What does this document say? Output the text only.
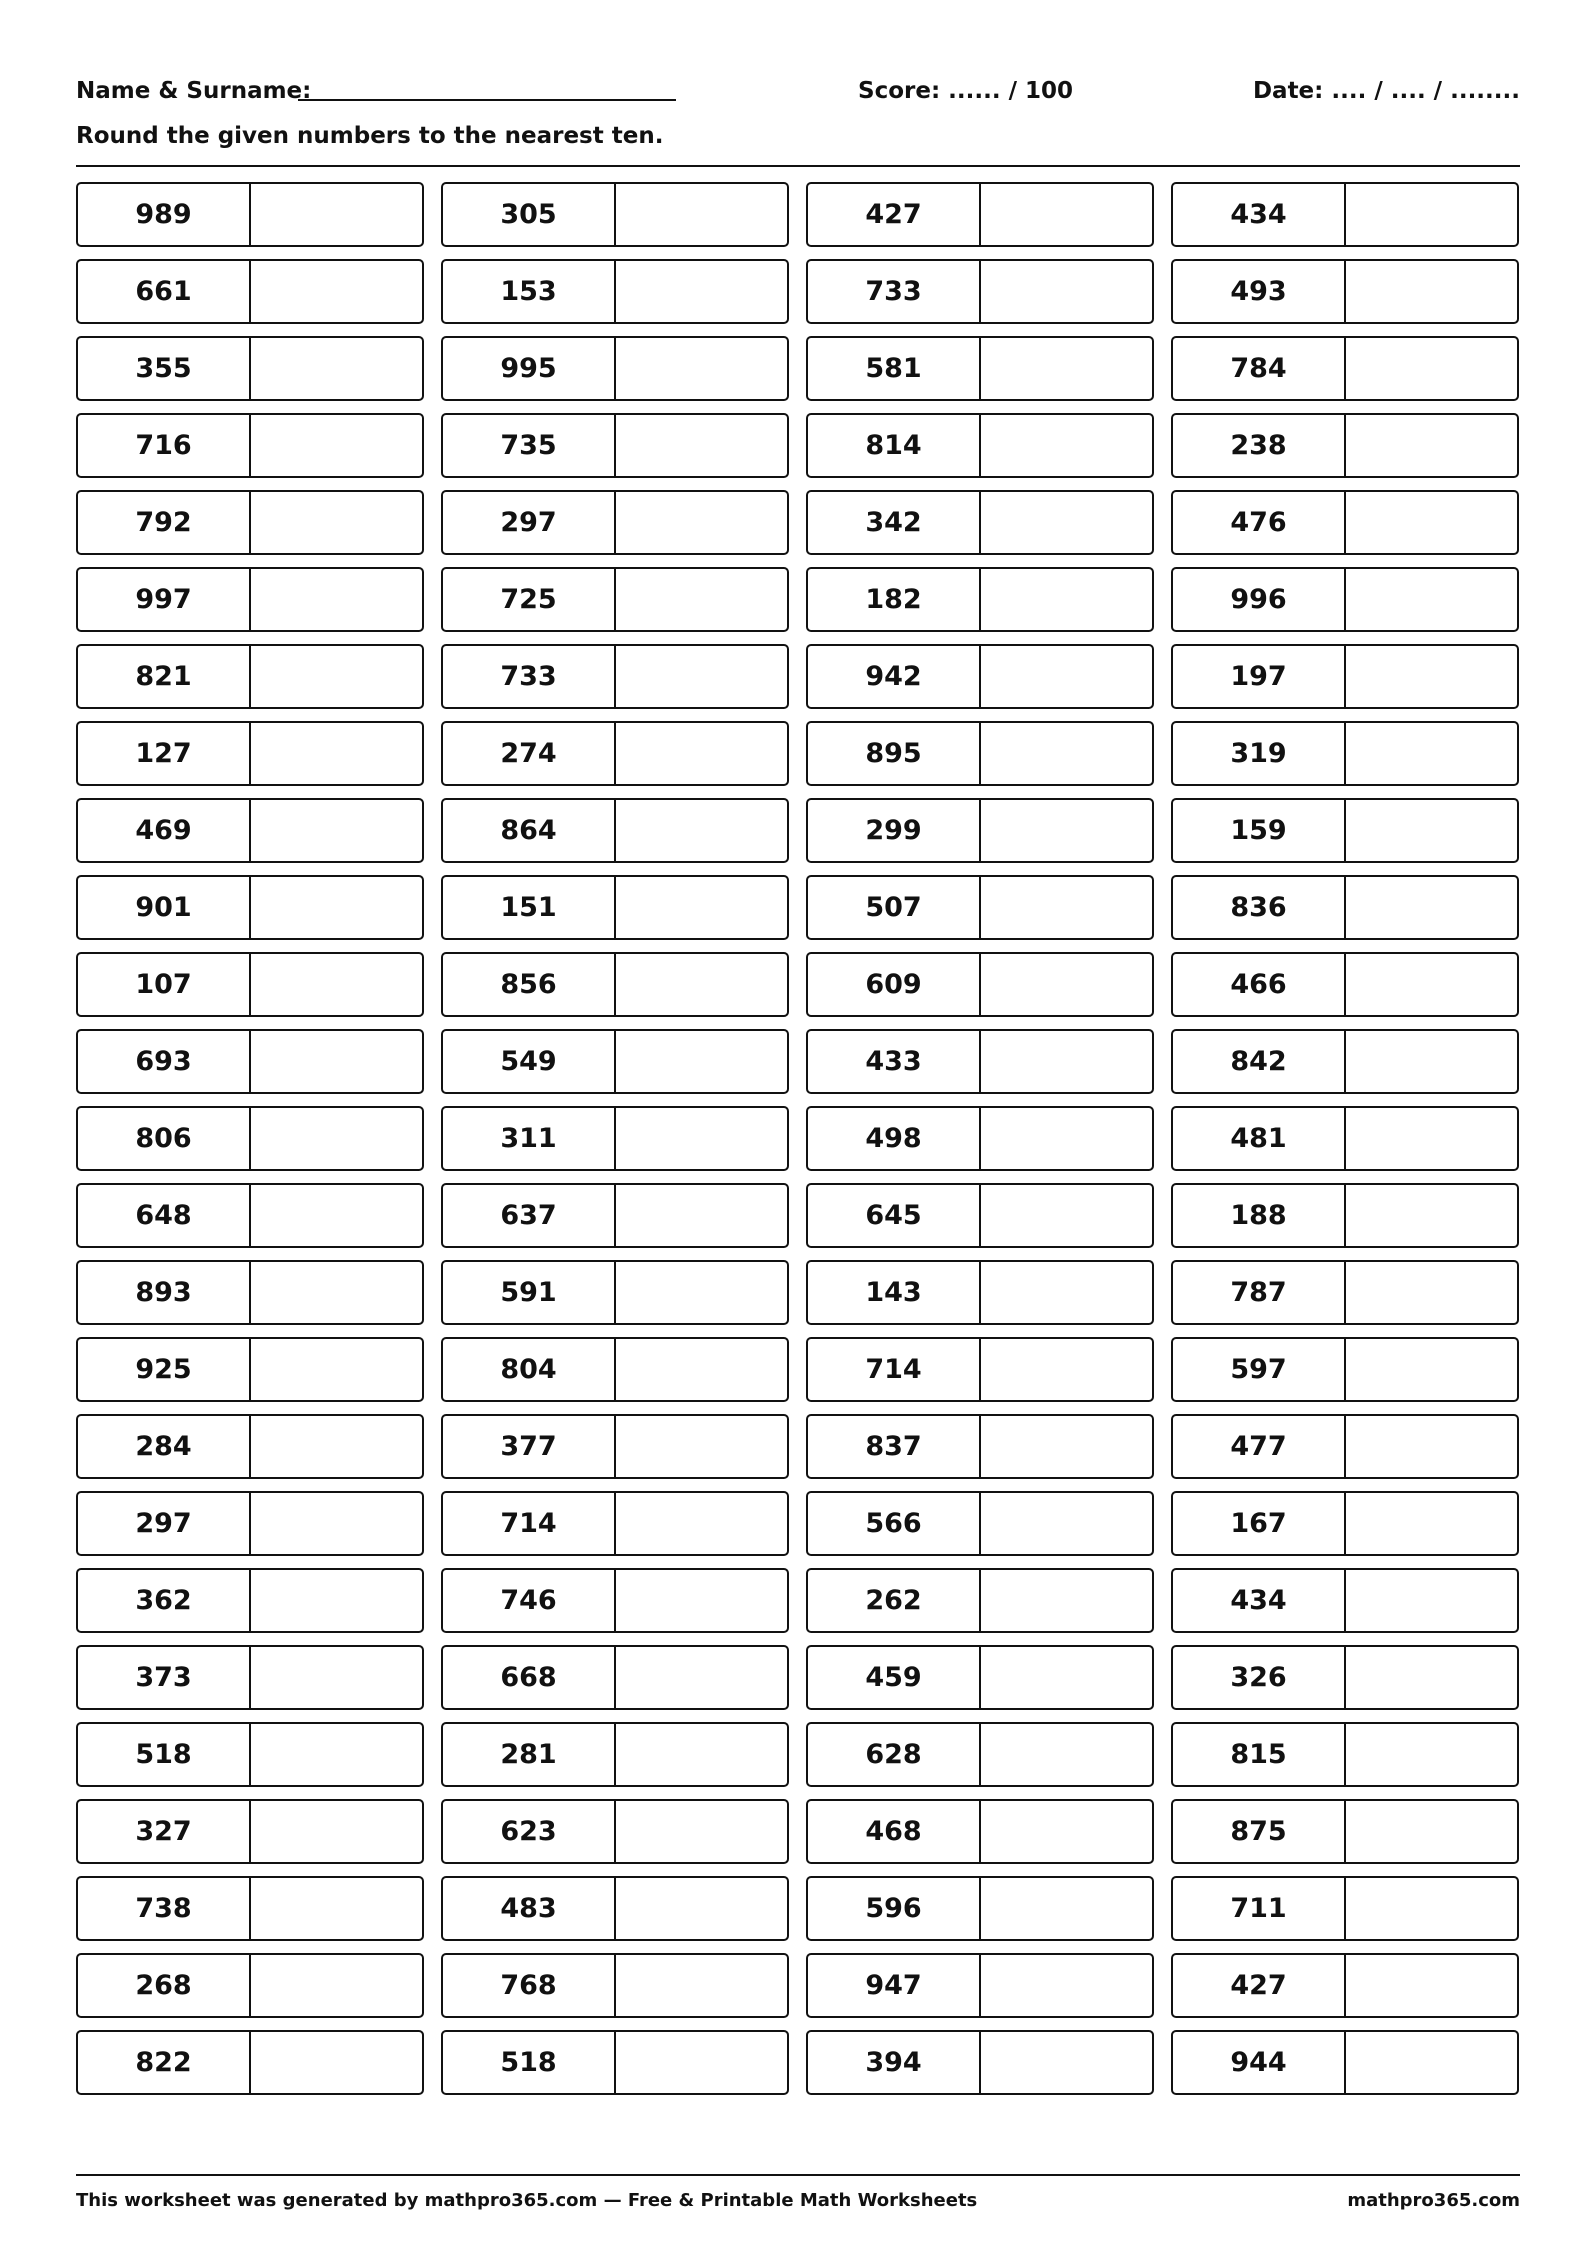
Name & Surname:	Score: ...... / 100	Date: .... / .... / ........
Round the given numbers to the nearest ten.
989	305	427	434
661	153	733	493
355	995	581	784
716	735	814	238
792	297	342	476
997	725	182	996
821	733	942	197
127	274	895	319
469	864	299	159
901	151	507	836
107	856	609	466
693	549	433	842
806	311	498	481
648	637	645	188
893	591	143	787
925	804	714	597
284	377	837	477
297	714	566	167
362	746	262	434
373	668	459	326
518	281	628	815
327	623	468	875
738	483	596	711
268	768	947	427
822	518	394	944
This worksheet was generated by mathpro365.com — Free & Printable Math Worksheets	mathpro365.com
